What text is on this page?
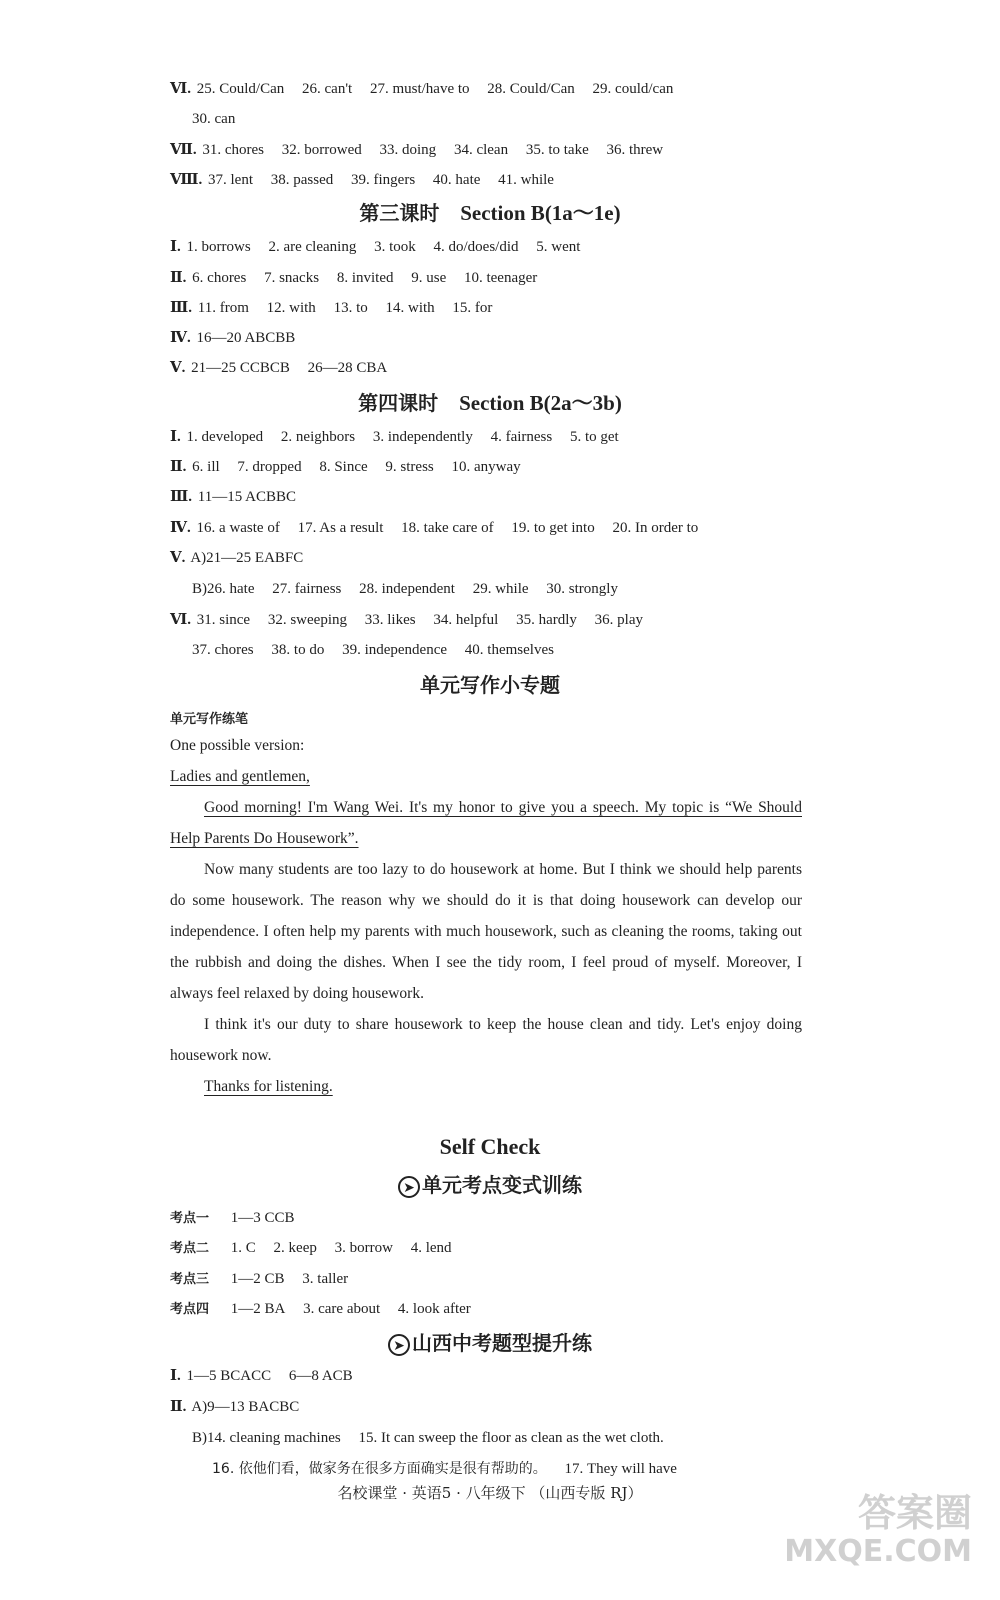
Ⅵ. 25. Could/Can 26. can't 27. must/have to 28. Could/Can 29. could/can
30. can
Ⅶ. 31. chores 32. borrowed 33. doing 34. clean 35. to take 36. threw
Ⅷ. 37. lent 38. passed 39. fingers 40. hate 41. while
第三课时 Section B(1a～1e)
Ⅰ. 1. borrows 2. are cleaning 3. took 4. do/does/did 5. went
Ⅱ. 6. chores 7. snacks 8. invited 9. use 10. teenager
Ⅲ. 11. from 12. with 13. to 14. with 15. for
Ⅳ. 16—20 ABCBB
Ⅴ. 21—25 CCBCB 26—28 CBA
第四课时 Section B(2a～3b)
Ⅰ. 1. developed 2. neighbors 3. independently 4. fairness 5. to get
Ⅱ. 6. ill 7. dropped 8. Since 9. stress 10. anyway
Ⅲ. 11—15 ACBBC
Ⅳ. 16. a waste of 17. As a result 18. take care of 19. to get into 20. In order to
Ⅴ. A)21—25 EABFC
B)26. hate 27. fairness 28. independent 29. while 30. strongly
Ⅵ. 31. since 32. sweeping 33. likes 34. helpful 35. hardly 36. play
37. chores 38. to do 39. independence 40. themselves
单元写作小专题
单元写作练笔

One possible version:

Ladies and gentlemen,

Good morning! I'm Wang Wei. It's my honor to give you a speech. My topic is “We Should Help Parents Do Housework”.

Now many students are too lazy to do housework at home. But I think we should help parents do some housework. The reason why we should do it is that doing housework can develop our independence. I often help my parents with much housework, such as cleaning the rooms, taking out the rubbish and doing the dishes. When I see the tidy room, I feel proud of myself. Moreover, I always feel relaxed by doing housework.

I think it's our duty to share housework to keep the house clean and tidy. Let's enjoy doing housework now.

Thanks for listening.

Self Check
➤ 单元考点变式训练
考点一 1—3 CCB
考点二 1. C 2. keep 3. borrow 4. lend
考点三 1—2 CB 3. taller
考点四 1—2 BA 3. care about 4. look after
➤ 山西中考题型提升练
Ⅰ. 1—5 BCACC 6—8 ACB
Ⅱ. A)9—13 BACBC
B)14. cleaning machines 15. It can sweep the floor as clean as the wet cloth.
16. 依他们看，做家务在很多方面确实是很有帮助的。 17. They will have
名校课堂 · 英语5 · 八年级下 （山西专版 RJ）	答案圈
MXQE.COM
